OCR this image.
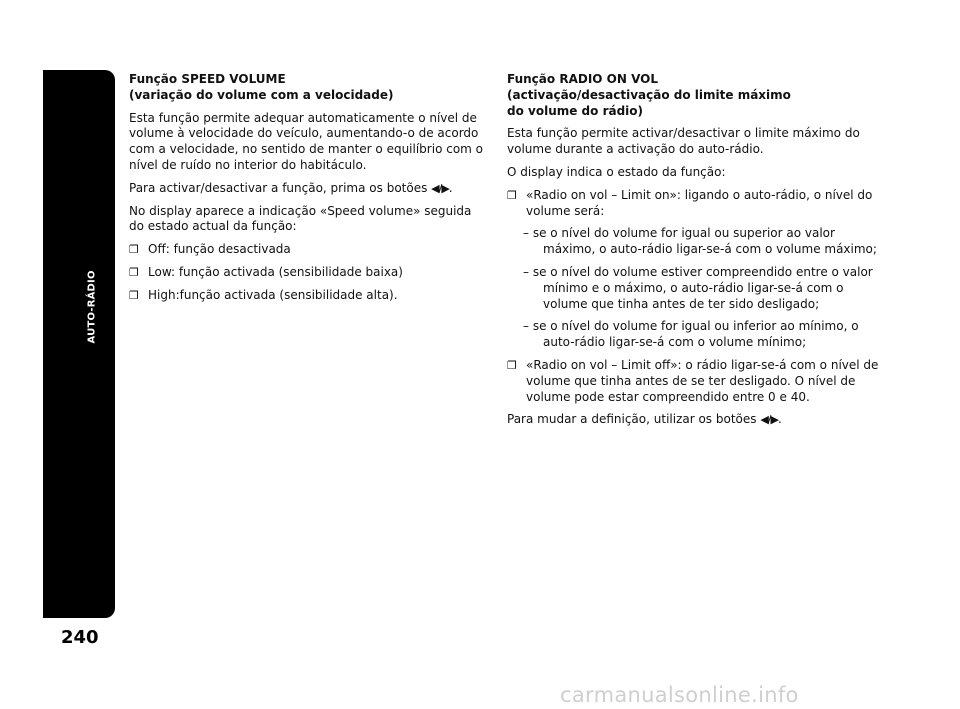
AUTO-RÁDIO
240
Função SPEED VOLUME
(variação do volume com a velocidade)

Esta função permite adequar automaticamente o nível de volume à velocidade do veículo, aumentando-o de acordo com a velocidade, no sentido de manter o equilíbrio com o nível de ruído no interior do habitáculo.

Para activar/desactivar a função, prima os botões ◀/▶.

No display aparece a indicação «Speed volume» seguida do estado actual da função:

❐ Off: função desactivada
❐ Low: função activada (sensibilidade baixa)
❐ High:função activada (sensibilidade alta).
Função RADIO ON VOL
(activação/desactivação do limite máximo
do volume do rádio)

Esta função permite activar/desactivar o limite máximo do volume durante a activação do auto-rádio.

O display indica o estado da função:

❐ «Radio on vol – Limit on»: ligando o auto-rádio, o nível do volume será:
– se o nível do volume for igual ou superior ao valor máximo, o auto-rádio ligar-se-á com o volume máximo;
– se o nível do volume estiver compreendido entre o valor mínimo e o máximo, o auto-rádio ligar-se-á com o volume que tinha antes de ter sido desligado;
– se o nível do volume for igual ou inferior ao mínimo, o auto-rádio ligar-se-á com o volume mínimo;
❐ «Radio on vol – Limit off»: o rádio ligar-se-á com o nível de volume que tinha antes de se ter desligado. O nível de volume pode estar compreendido entre 0 e 40.

Para mudar a definição, utilizar os botões ◀/▶.

carmanualsonline.info
